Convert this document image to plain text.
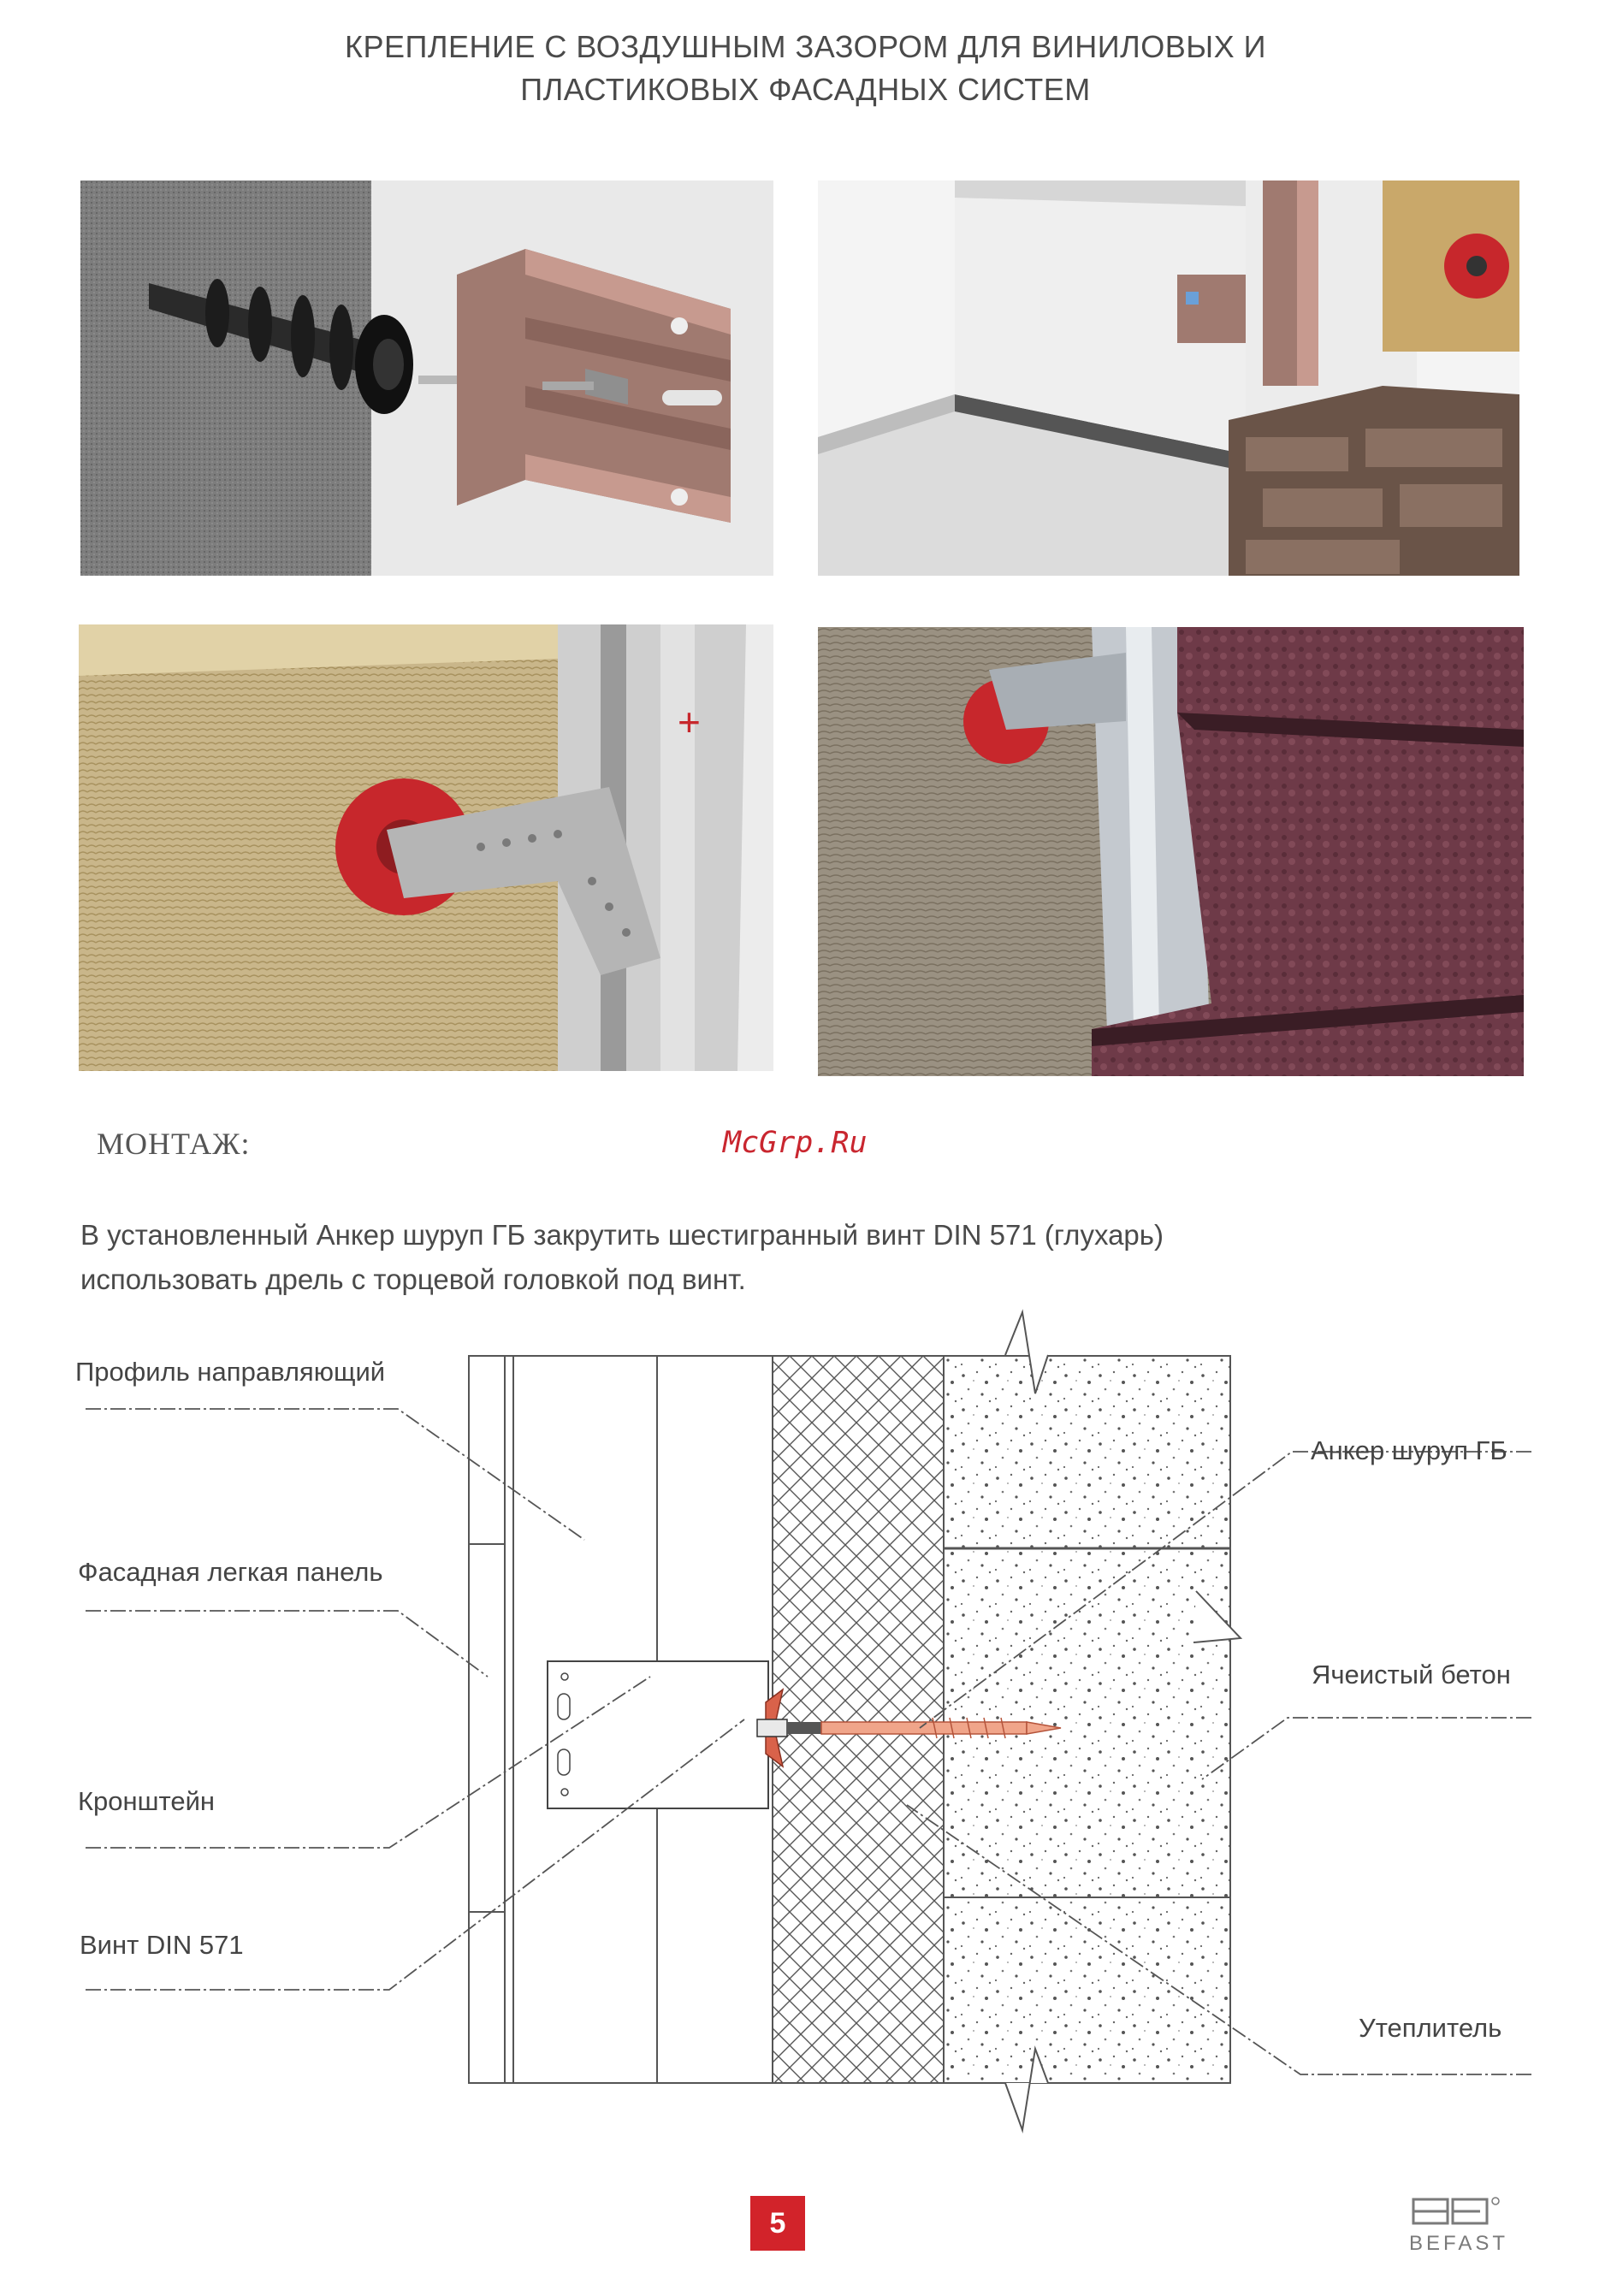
КРЕПЛЕНИЕ С ВОЗДУШНЫМ ЗАЗОРОМ ДЛЯ ВИНИЛОВЫХ И
ПЛАСТИКОВЫХ ФАСАДНЫХ СИСТЕМ
+
МОНТАЖ:	McGrp.Ru
В установленный Анкер шуруп ГБ закрутить шестигранный винт DIN 571 (глухарь)
использовать дрель с торцевой головкой под винт.
Профиль направляющий
Фасадная легкая панель
Кронштейн
Винт DIN 571
Анкер шуруп ГБ
Ячеистый бетон
Утеплитель
5
BEFAST
